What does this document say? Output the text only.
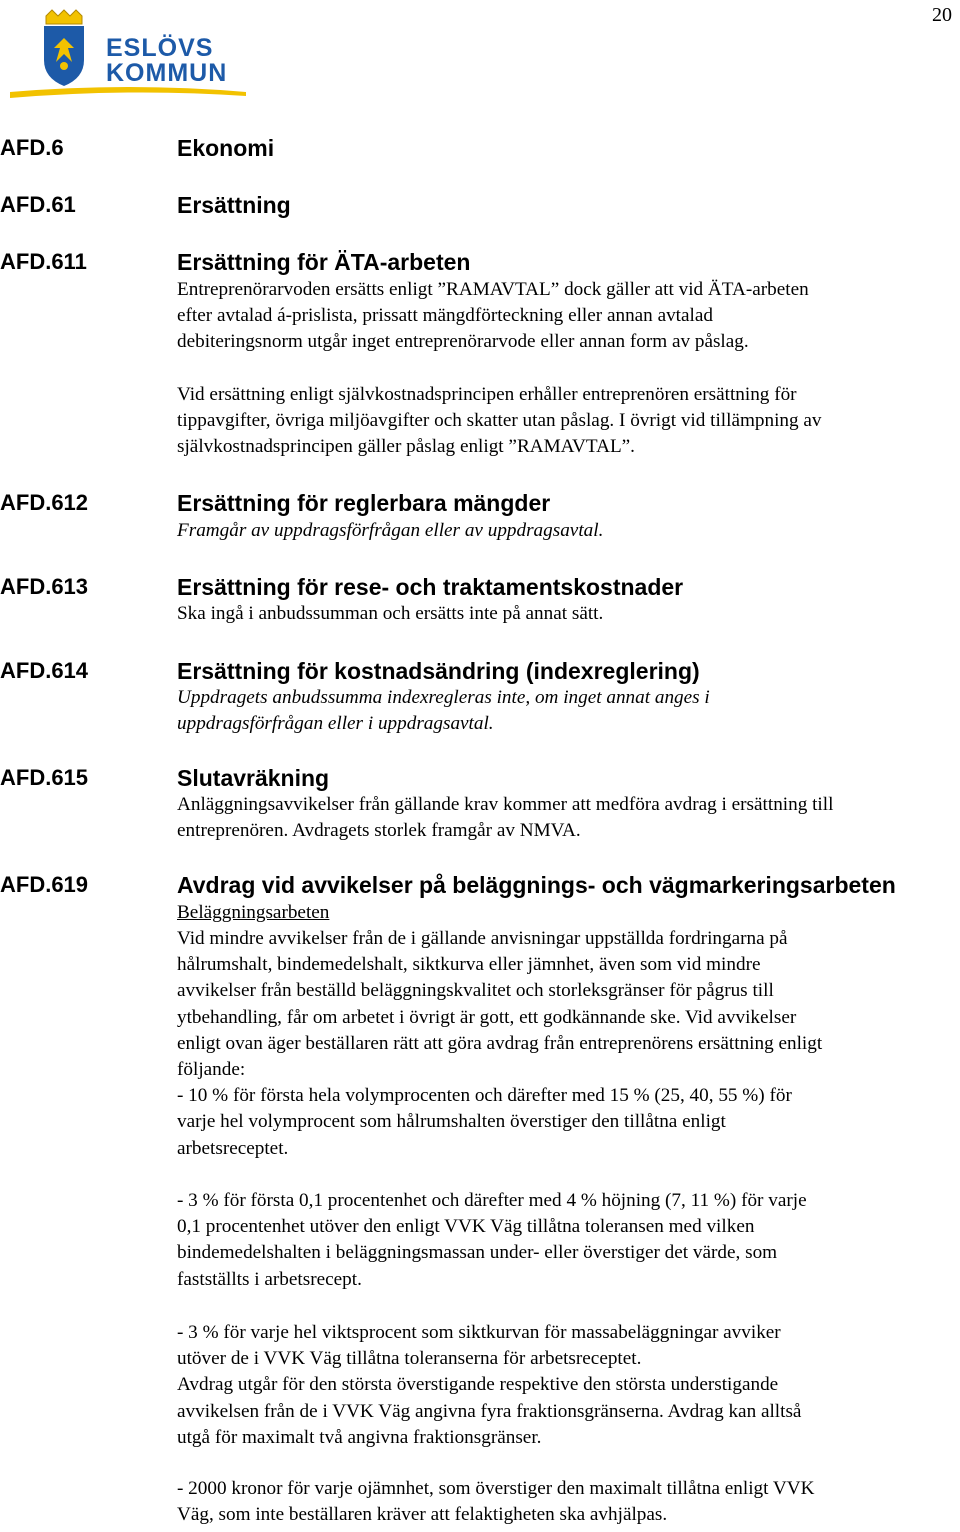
20
ESLÖVS
KOMMUN
AFD.6	Ekonomi
AFD.61	Ersättning
AFD.611	Ersättning för ÄTA-arbeten
Entreprenörarvoden ersätts enligt ”RAMAVTAL” dock gäller att vid ÄTA-arbeten
efter avtalad á-prislista, prissatt mängdförteckning eller annan avtalad
debiteringsnorm utgår inget entreprenörarvode eller annan form av påslag.
Vid ersättning enligt självkostnadsprincipen erhåller entreprenören ersättning för
tippavgifter, övriga miljöavgifter och skatter utan påslag. I övrigt vid tillämpning av
självkostnadsprincipen gäller påslag enligt ”RAMAVTAL”.
AFD.612	Ersättning för reglerbara mängder
Framgår av uppdragsförfrågan eller av uppdragsavtal.
AFD.613	Ersättning för rese- och traktamentskostnader
Ska ingå i anbudssumman och ersätts inte på annat sätt.
AFD.614	Ersättning för kostnadsändring (indexreglering)
Uppdragets anbudssumma indexregleras inte, om inget annat anges i
uppdragsförfrågan eller i uppdragsavtal.
AFD.615	Slutavräkning
Anläggningsavvikelser från gällande krav kommer att medföra avdrag i ersättning till
entreprenören. Avdragets storlek framgår av NMVA.
AFD.619	Avdrag vid avvikelser på beläggnings- och vägmarkeringsarbeten
Beläggningsarbeten
Vid mindre avvikelser från de i gällande anvisningar uppställda fordringarna på
hålrumshalt, bindemedelshalt, siktkurva eller jämnhet, även som vid mindre
avvikelser från beställd beläggningskvalitet och storleksgränser för pågrus till
ytbehandling, får om arbetet i övrigt är gott, ett godkännande ske. Vid avvikelser
enligt ovan äger beställaren rätt att göra avdrag från entreprenörens ersättning enligt
följande:
- 10 % för första hela volymprocenten och därefter med 15 % (25, 40, 55 %) för
varje hel volymprocent som hålrumshalten överstiger den tillåtna enligt
arbetsreceptet.
- 3 % för första 0,1 procentenhet och därefter med 4 % höjning (7, 11 %) för varje
0,1 procentenhet utöver den enligt VVK Väg tillåtna toleransen med vilken
bindemedelshalten i beläggningsmassan under- eller överstiger det värde, som
fastställts i arbetsrecept.
- 3 % för varje hel viktsprocent som siktkurvan för massabeläggningar avviker
utöver de i VVK Väg tillåtna toleranserna för arbetsreceptet.
Avdrag utgår för den största överstigande respektive den största understigande
avvikelsen från de i VVK Väg angivna fyra fraktionsgränserna. Avdrag kan alltså
utgå för maximalt två angivna fraktionsgränser.
- 2000 kronor för varje ojämnhet, som överstiger den maximalt tillåtna enligt VVK
Väg, som inte beställaren kräver att felaktigheten ska avhjälpas.
